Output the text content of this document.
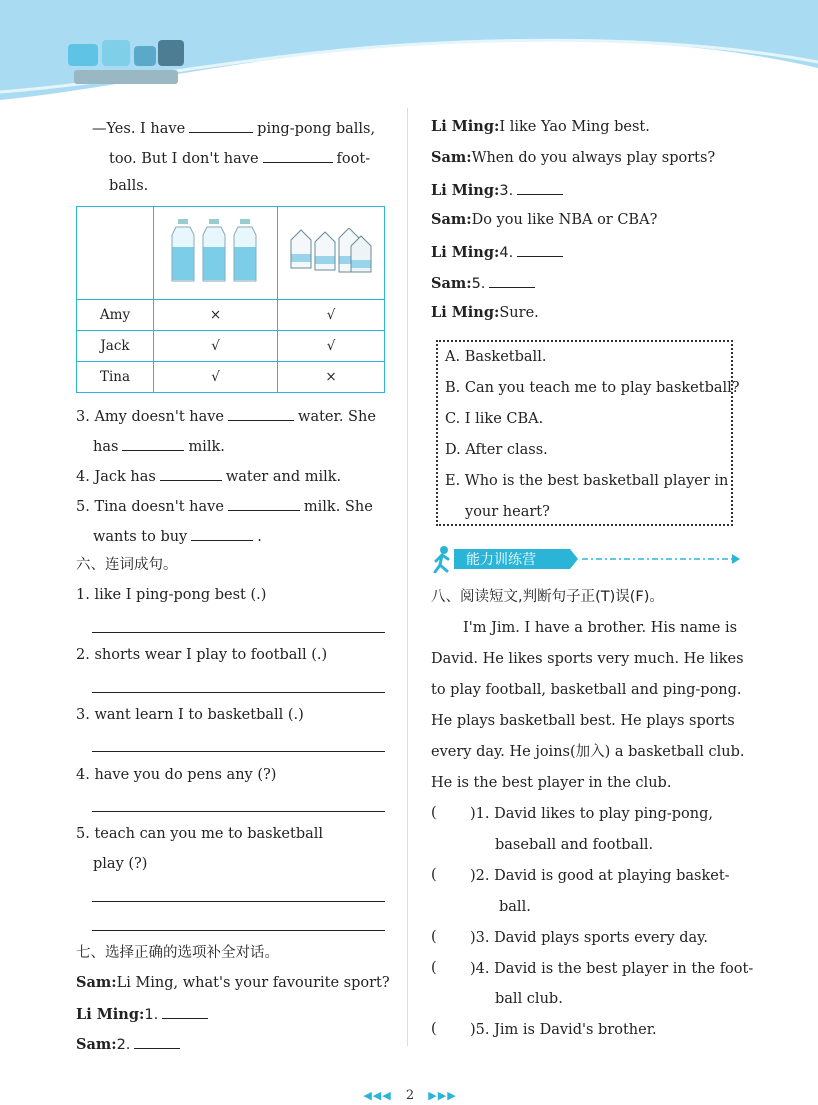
—Yes. I have	ping-pong balls,
too. But I don't have	foot-
balls.

Amy	×	√
Jack	√	√
Tina	√	×
3. Amy doesn't have	water. She
has	milk.
4. Jack has	water and milk.
5. Tina doesn't have	milk. She
wants to buy	.
六、连词成句。
1. like I ping-pong best (.)
2. shorts wear I play to football (.)
3. want learn I to basketball (.)
4. have you do pens any (?)
5. teach can you me to basketball
play (?)
七、选择正确的选项补全对话。
Sam:Li Ming, what's your favourite sport?
Li Ming:1.
Sam:2.
Li Ming:I like Yao Ming best.
Sam:When do you always play sports?
Li Ming:3.
Sam:Do you like NBA or CBA?
Li Ming:4.
Sam:5.
Li Ming:Sure.
A. Basketball.
B. Can you teach me to play basketball?
C. I like CBA.
D. After class.
E. Who is the best basketball player in
your heart?
能力训练营
八、阅读短文,判断句子正(T)误(F)。
I'm Jim. I have a brother. His name is
David. He likes sports very much. He likes
to play football, basketball and ping-pong.
He plays basketball best. He plays sports
every day. He joins(加入) a basketball club.
He is the best player in the club.
( )1. David likes to play ping-pong,
baseball and football.
( )2. David is good at playing basket-
ball.
( )3. David plays sports every day.
( )4. David is the best player in the foot-
ball club.
( )5. Jim is David's brother.
◀◀◀ 2 ▶▶▶
